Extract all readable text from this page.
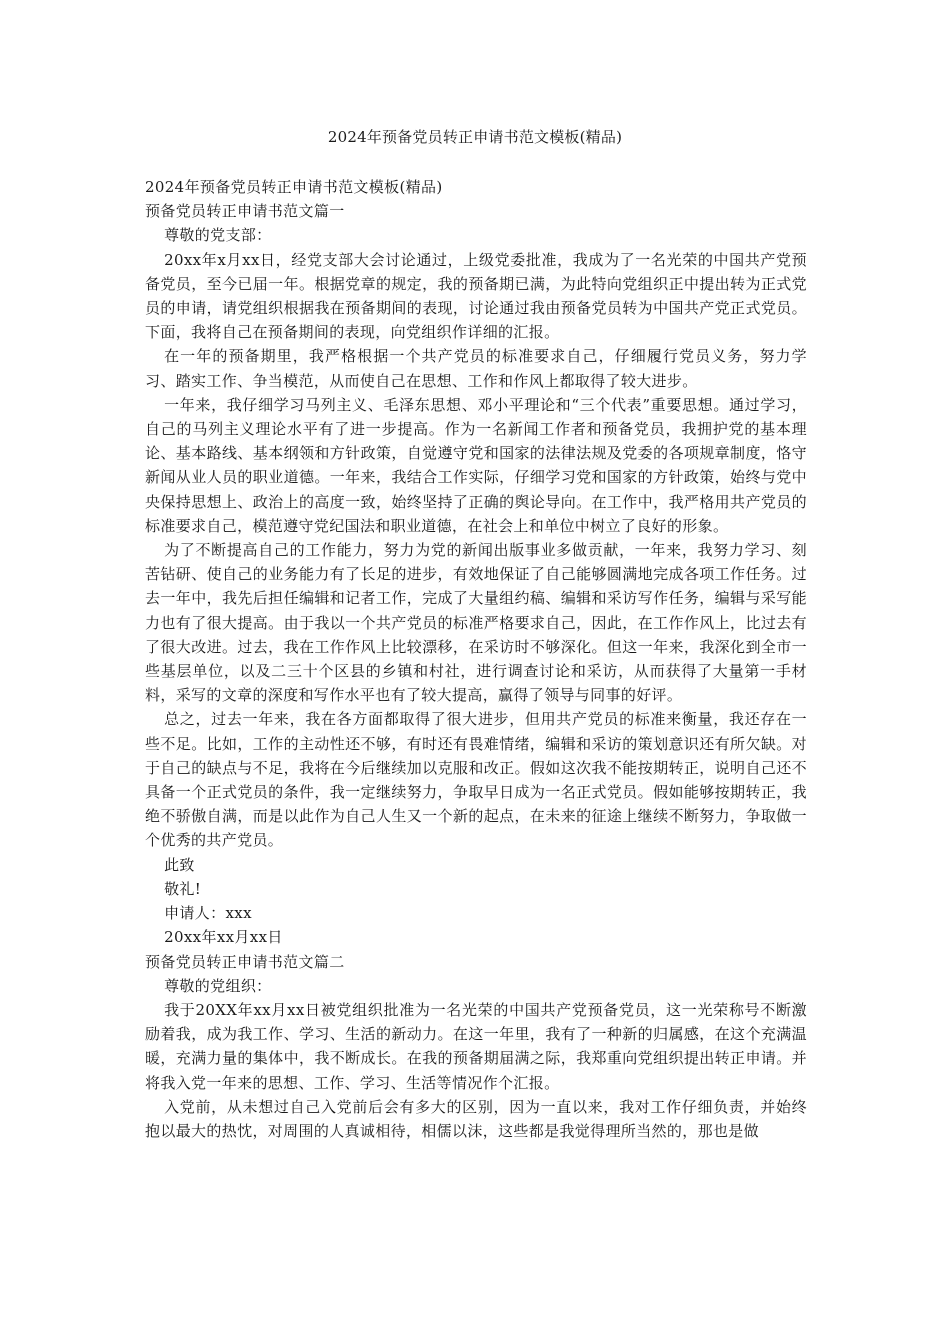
2024年预备党员转正申请书范文模板(精品)

2024年预备党员转正申请书范文模板(精品)

预备党员转正申请书范文篇一

尊敬的党支部：

20xx年x月xx日，经党支部大会讨论通过，上级党委批准，我成为了一名光荣的中国共产党预备党员，至今已届一年。根据党章的规定，我的预备期已满，为此特向党组织正中提出转为正式党员的申请，请党组织根据我在预备期间的表现，讨论通过我由预备党员转为中国共产党正式党员。下面，我将自己在预备期间的表现，向党组织作详细的汇报。

在一年的预备期里，我严格根据一个共产党员的标准要求自己，仔细履行党员义务，努力学习、踏实工作、争当模范，从而使自己在思想、工作和作风上都取得了较大进步。

一年来，我仔细学习马列主义、毛泽东思想、邓小平理论和“三个代表”重要思想。通过学习，自己的马列主义理论水平有了进一步提高。作为一名新闻工作者和预备党员，我拥护党的基本理论、基本路线、基本纲领和方针政策，自觉遵守党和国家的法律法规及党委的各项规章制度，恪守新闻从业人员的职业道德。一年来，我结合工作实际，仔细学习党和国家的方针政策，始终与党中央保持思想上、政治上的高度一致，始终坚持了正确的舆论导向。在工作中，我严格用共产党员的标准要求自己，模范遵守党纪国法和职业道德，在社会上和单位中树立了良好的形象。

为了不断提高自己的工作能力，努力为党的新闻出版事业多做贡献，一年来，我努力学习、刻苦钻研、使自己的业务能力有了长足的进步，有效地保证了自己能够圆满地完成各项工作任务。过去一年中，我先后担任编辑和记者工作，完成了大量组约稿、编辑和采访写作任务，编辑与采写能力也有了很大提高。由于我以一个共产党员的标准严格要求自己，因此，在工作作风上，比过去有了很大改进。过去，我在工作作风上比较漂移，在采访时不够深化。但这一年来，我深化到全市一些基层单位，以及二三十个区县的乡镇和村社，进行调查讨论和采访，从而获得了大量第一手材料，采写的文章的深度和写作水平也有了较大提高，赢得了领导与同事的好评。

总之，过去一年来，我在各方面都取得了很大进步，但用共产党员的标准来衡量，我还存在一些不足。比如，工作的主动性还不够，有时还有畏难情绪，编辑和采访的策划意识还有所欠缺。对于自己的缺点与不足，我将在今后继续加以克服和改正。假如这次我不能按期转正，说明自己还不具备一个正式党员的条件，我一定继续努力，争取早日成为一名正式党员。假如能够按期转正，我绝不骄傲自满，而是以此作为自己人生又一个新的起点，在未来的征途上继续不断努力，争取做一个优秀的共产党员。

此致

敬礼!

申请人：xxx

20xx年xx月xx日

预备党员转正申请书范文篇二

尊敬的党组织：

我于20XX年xx月xx日被党组织批准为一名光荣的中国共产党预备党员，这一光荣称号不断激励着我，成为我工作、学习、生活的新动力。在这一年里，我有了一种新的归属感，在这个充满温暖，充满力量的集体中，我不断成长。在我的预备期届满之际，我郑重向党组织提出转正申请。并将我入党一年来的思想、工作、学习、生活等情况作个汇报。

入党前，从未想过自己入党前后会有多大的区别，因为一直以来，我对工作仔细负责，并始终抱以最大的热忱，对周围的人真诚相待，相儒以沫，这些都是我觉得理所当然的，那也是做
